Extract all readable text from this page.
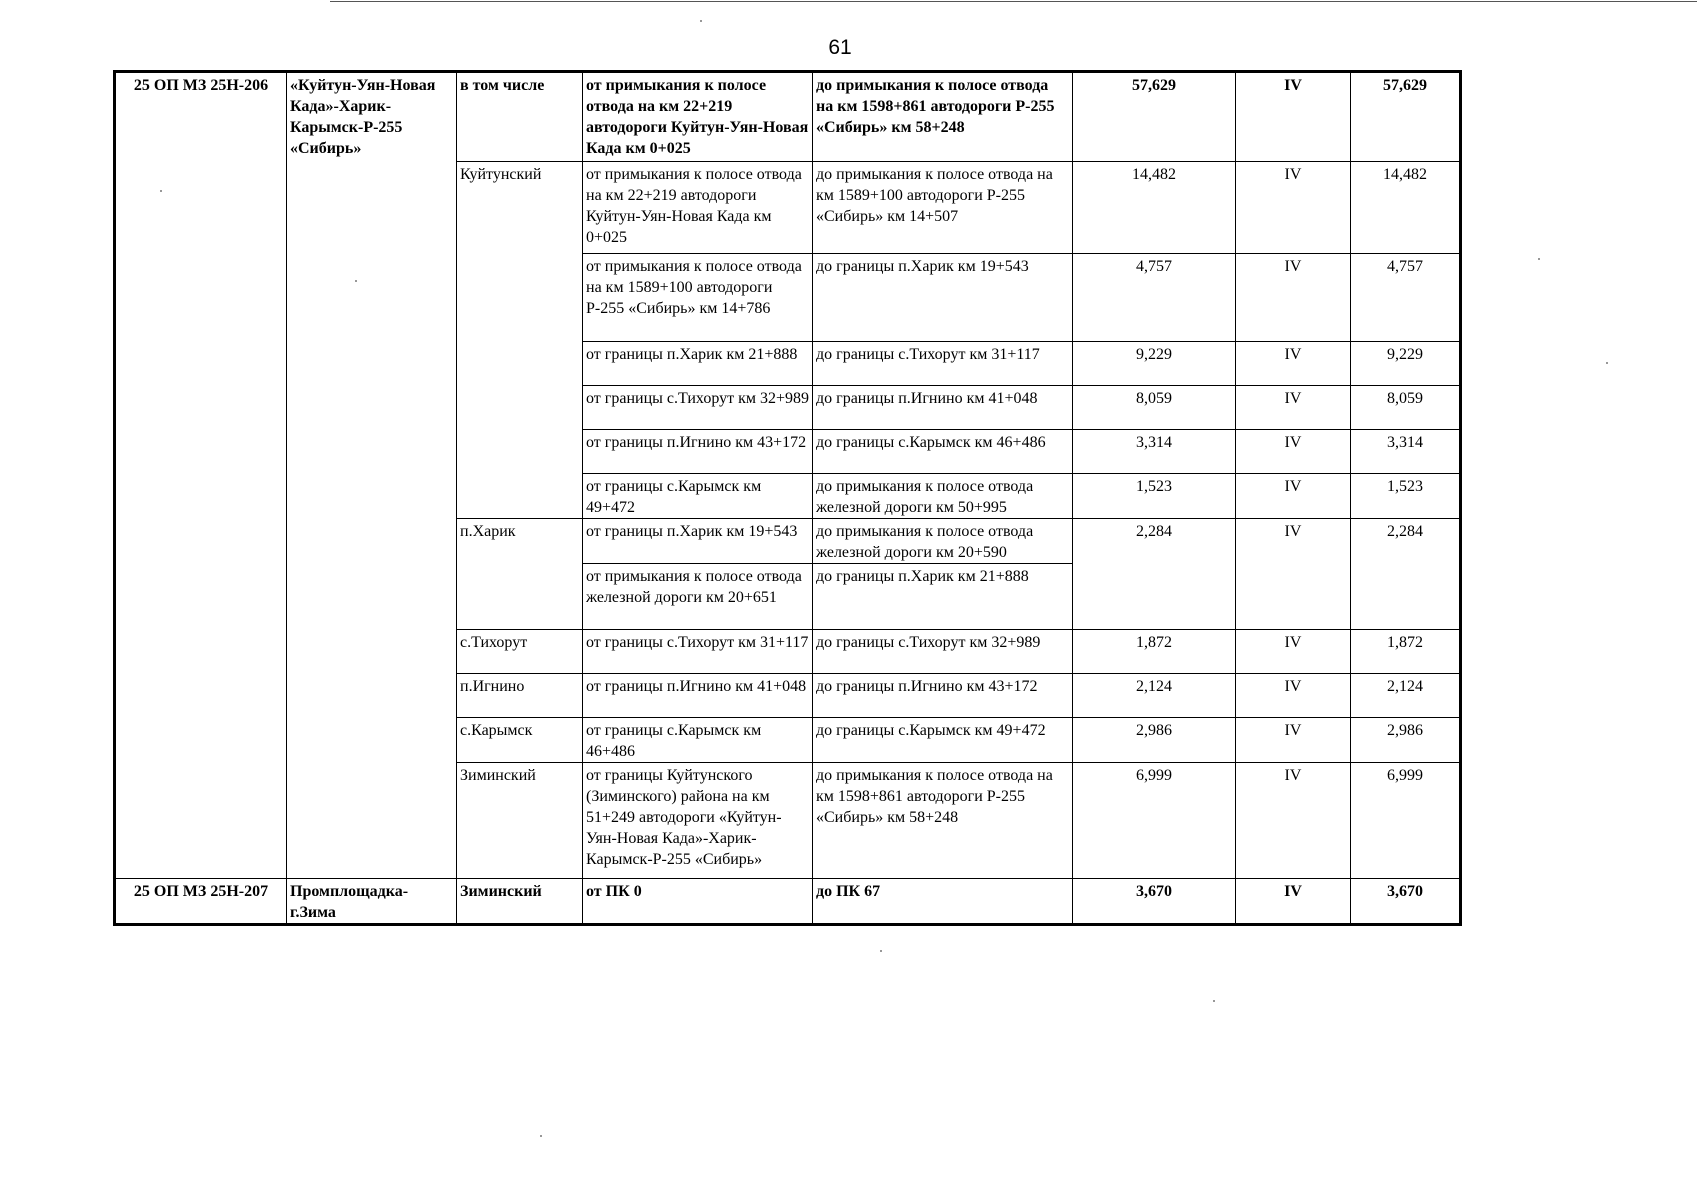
61
25 ОП МЗ 25Н-206	«Куйтун-Уян-Новая Када»-Харик-Карымск-Р-255 «Сибирь»	в том числе	от примыкания к полосе отвода на км 22+219 автодороги Куйтун-Уян-Новая Када км 0+025	до примыкания к полосе отвода на км 1598+861 автодороги Р-255 «Сибирь» км 58+248	57,629	IV	57,629
		Куйтунский	от примыкания к полосе отвода на км 22+219 автодороги Куйтун-Уян-Новая Када км 0+025	до примыкания к полосе отвода на км 1589+100 автодороги Р-255 «Сибирь» км 14+507	14,482	IV	14,482
			от примыкания к полосе отвода на км 1589+100 автодороги Р-255 «Сибирь» км 14+786	до границы п.Харик км 19+543	4,757	IV	4,757
			от границы п.Харик км 21+888	до границы с.Тихорут км 31+117	9,229	IV	9,229
			от границы с.Тихорут км 32+989	до границы п.Игнино км 41+048	8,059	IV	8,059
			от границы п.Игнино км 43+172	до границы с.Карымск км 46+486	3,314	IV	3,314
			от границы с.Карымск км 49+472	до примыкания к полосе отвода железной дороги км 50+995	1,523	IV	1,523
		п.Харик	от границы п.Харик км 19+543	до примыкания к полосе отвода железной дороги км 20+590	2,284	IV	2,284
			от примыкания к полосе отвода железной дороги км 20+651	до границы п.Харик км 21+888			
		с.Тихорут	от границы с.Тихорут км 31+117	до границы с.Тихорут км 32+989	1,872	IV	1,872
		п.Игнино	от границы п.Игнино км 41+048	до границы п.Игнино км 43+172	2,124	IV	2,124
		с.Карымск	от границы с.Карымск км 46+486	до границы с.Карымск км 49+472	2,986	IV	2,986
		Зиминский	от границы Куйтунского (Зиминского) района на км 51+249 автодороги «Куйтун-Уян-Новая Када»-Харик-Карымск-Р-255 «Сибирь»	до примыкания к полосе отвода на км 1598+861 автодороги Р-255 «Сибирь» км 58+248	6,999	IV	6,999
25 ОП МЗ 25Н-207	Промплощадка-г.Зима	Зиминский	от ПК 0	до ПК 67	3,670	IV	3,670
